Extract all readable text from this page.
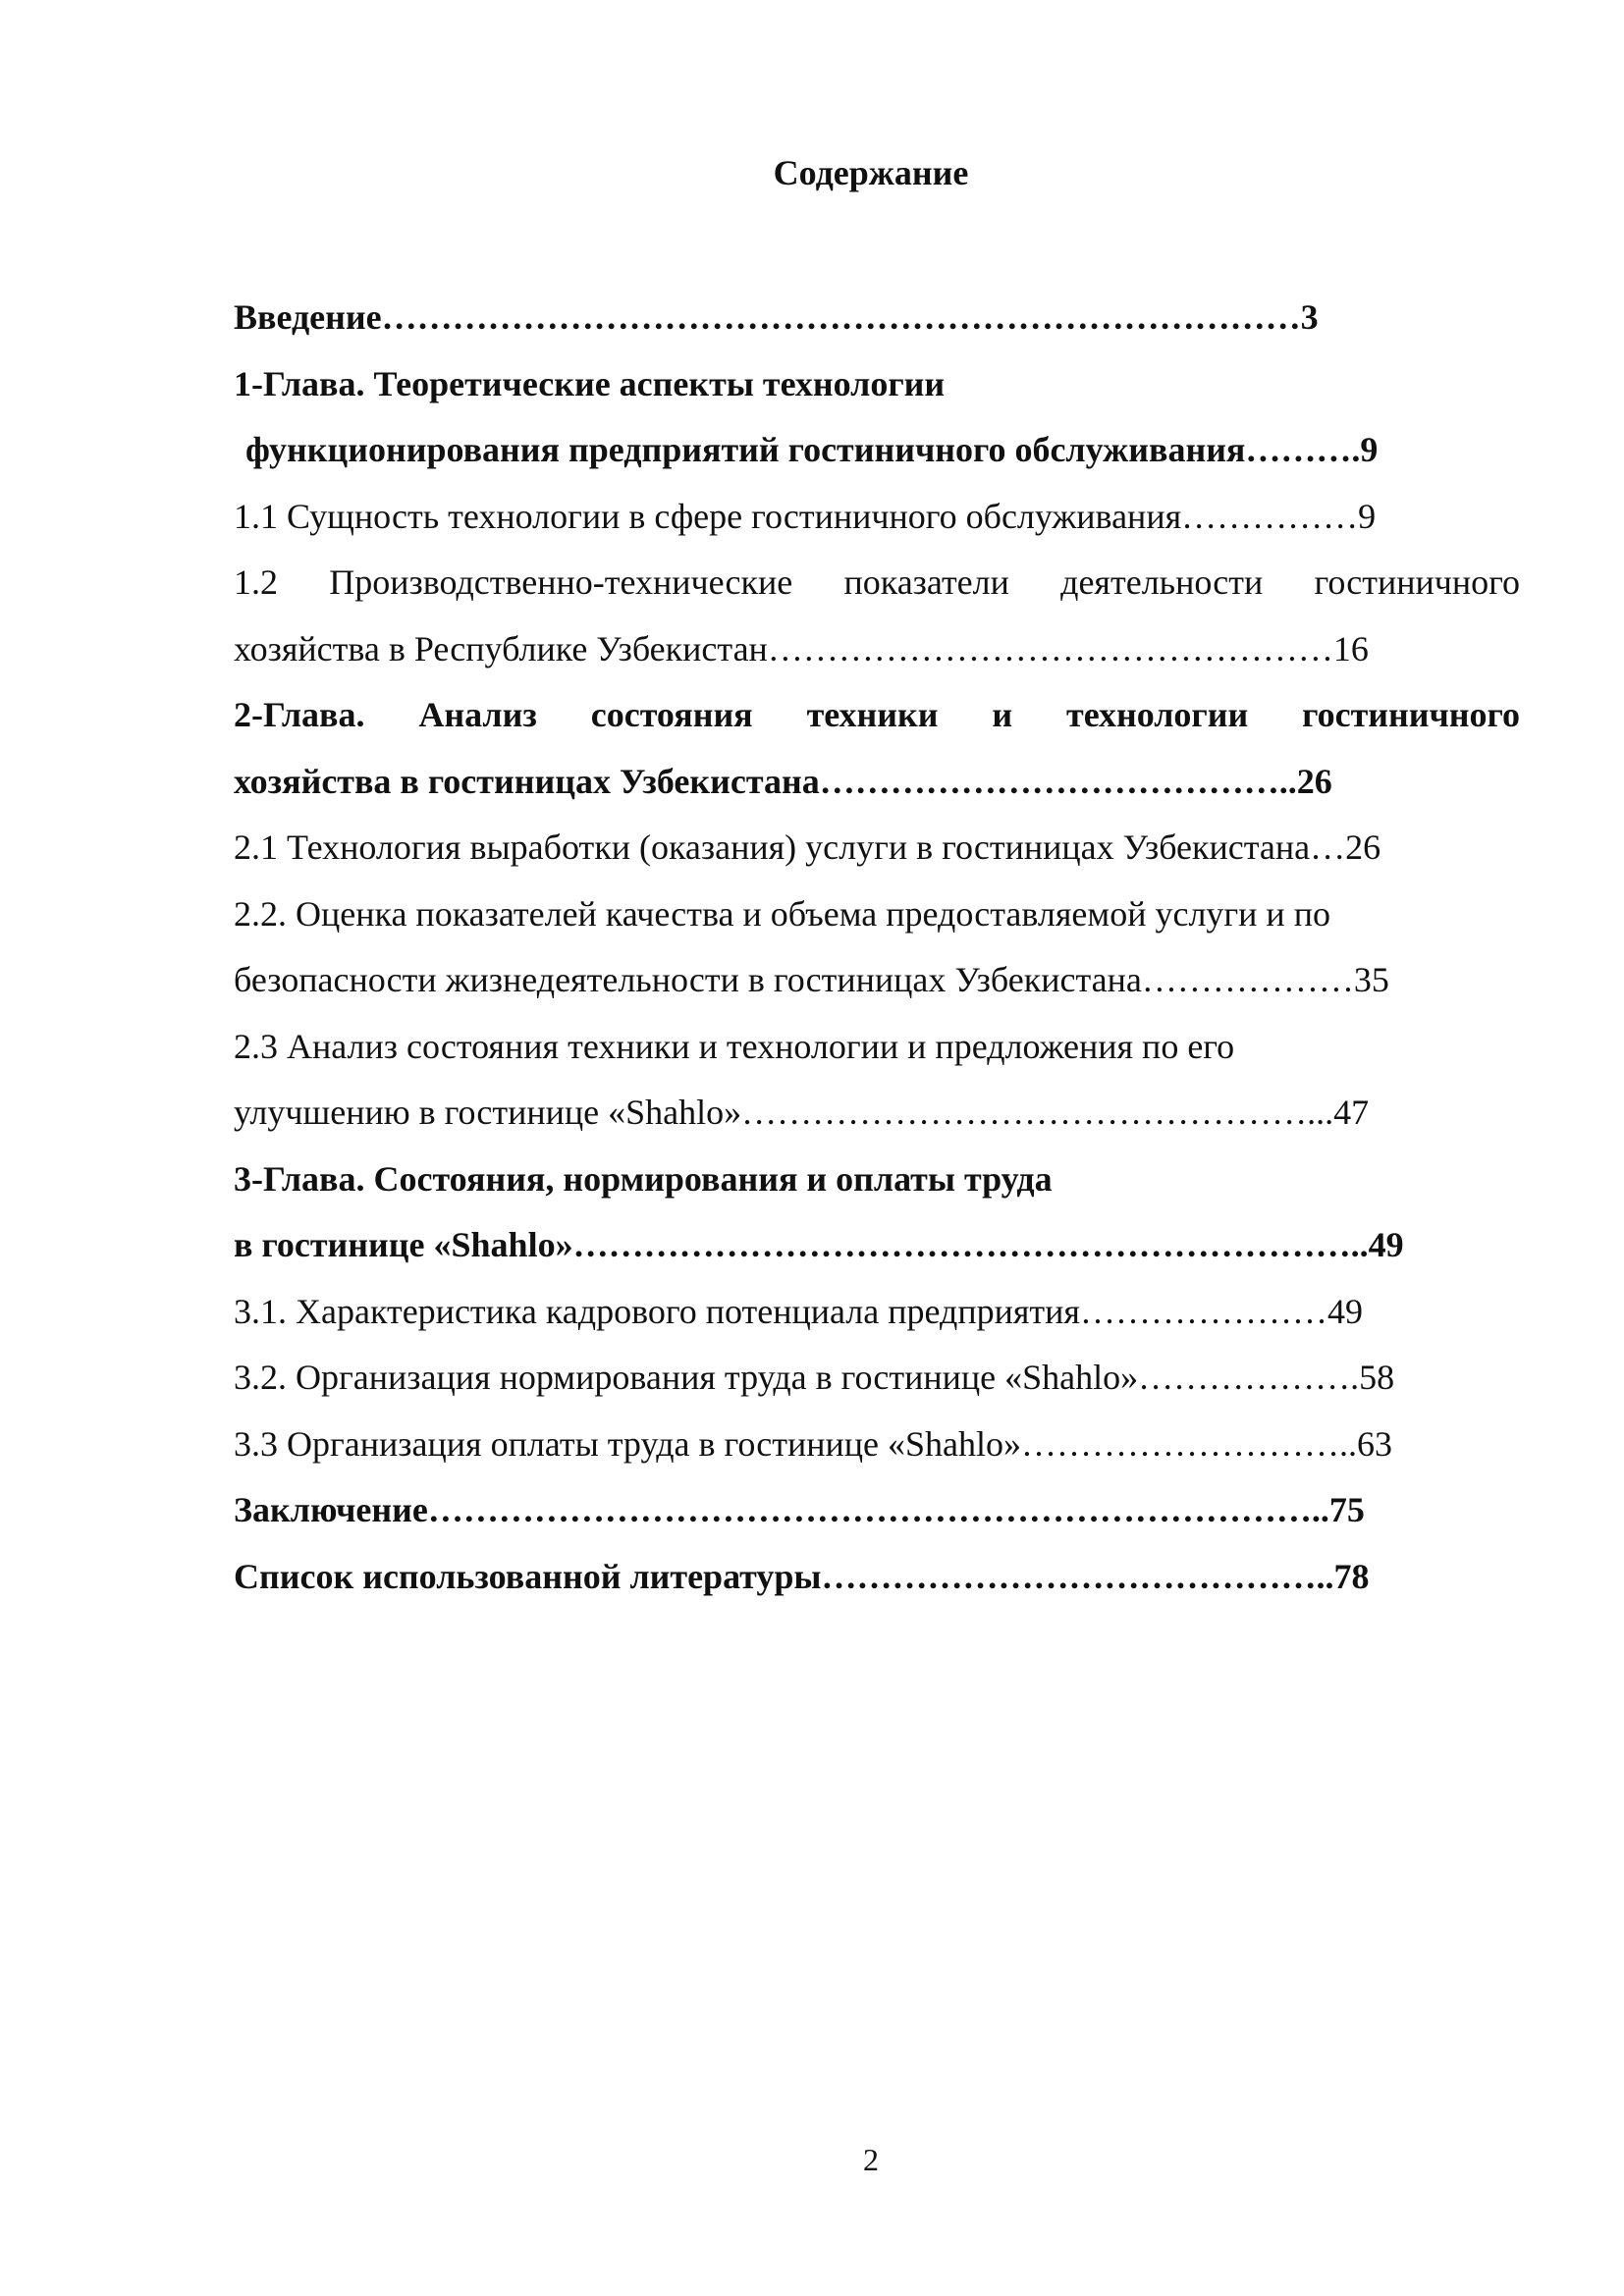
Содержание
Введение……………………………………………………………………3
1-Глава. Теоретические аспекты технологии
функционирования предприятий гостиничного обслуживания……….9
1.1 Сущность технологии в сфере гостиничного обслуживания……………9
1.2 Производственно-технические показатели деятельности гостиничного
хозяйства в Республике Узбекистан…………………………………………16
2-Глава. Анализ состояния техники и технологии гостиничного
хозяйства в гостиницах Узбекистана…………………………………..26
2.1 Технология выработки (оказания) услуги в гостиницах Узбекистана…26
2.2. Оценка показателей качества и объема предоставляемой услуги и по
безопасности жизнедеятельности в гостиницах Узбекистана………………35
2.3 Анализ состояния техники и технологии и предложения по его
улучшению в гостинице «Shahlo»…………………………………………...47
3-Глава. Состояния, нормирования и оплаты труда
в гостинице «Shahlo»…………………………………………………………..49
3.1. Характеристика кадрового потенциала предприятия…………………49
3.2. Организация нормирования труда в гостинице «Shahlo»……………….58
3.3 Организация оплаты труда в гостинице «Shahlo»………………………..63
Заключение…………………………………………………………………..75
Список использованной литературы……………………………………..78
2
